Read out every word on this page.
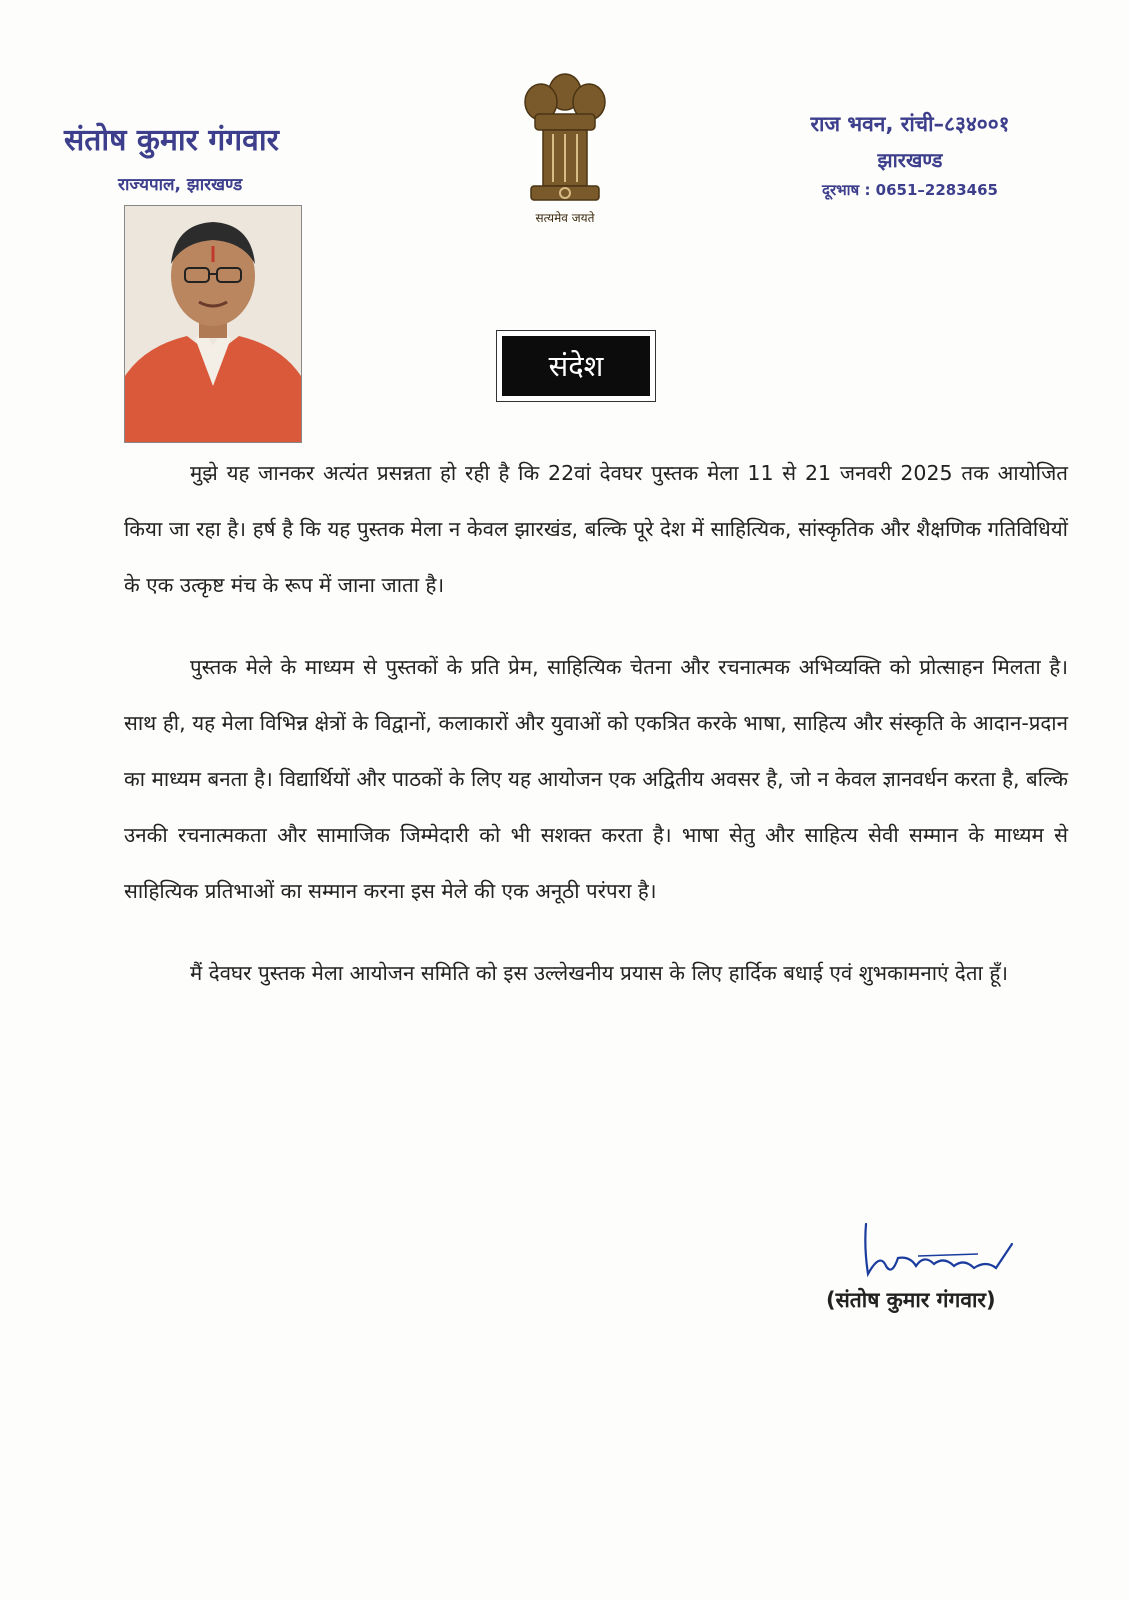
संतोष कुमार गंगवार
राज्यपाल, झारखण्ड
सत्यमेव जयते
राज भवन, रांची–८३४००१
झारखण्ड
दूरभाष : 0651–2283465
संदेश

मुझे यह जानकर अत्यंत प्रसन्नता हो रही है कि 22वां देवघर पुस्तक मेला 11 से 21 जनवरी 2025 तक आयोजित किया जा रहा है। हर्ष है कि यह पुस्तक मेला न केवल झारखंड, बल्कि पूरे देश में साहित्यिक, सांस्कृतिक और शैक्षणिक गतिविधियों के एक उत्कृष्ट मंच के रूप में जाना जाता है।

पुस्तक मेले के माध्यम से पुस्तकों के प्रति प्रेम, साहित्यिक चेतना और रचनात्मक अभिव्यक्ति को प्रोत्साहन मिलता है। साथ ही, यह मेला विभिन्न क्षेत्रों के विद्वानों, कलाकारों और युवाओं को एकत्रित करके भाषा, साहित्य और संस्कृति के आदान-प्रदान का माध्यम बनता है। विद्यार्थियों और पाठकों के लिए यह आयोजन एक अद्वितीय अवसर है, जो न केवल ज्ञानवर्धन करता है, बल्कि उनकी रचनात्मकता और सामाजिक जिम्मेदारी को भी सशक्त करता है। भाषा सेतु और साहित्य सेवी सम्मान के माध्यम से साहित्यिक प्रतिभाओं का सम्मान करना इस मेले की एक अनूठी परंपरा है।

मैं देवघर पुस्तक मेला आयोजन समिति को इस उल्लेखनीय प्रयास के लिए हार्दिक बधाई एवं शुभकामनाएं देता हूँ।

(संतोष कुमार गंगवार)
